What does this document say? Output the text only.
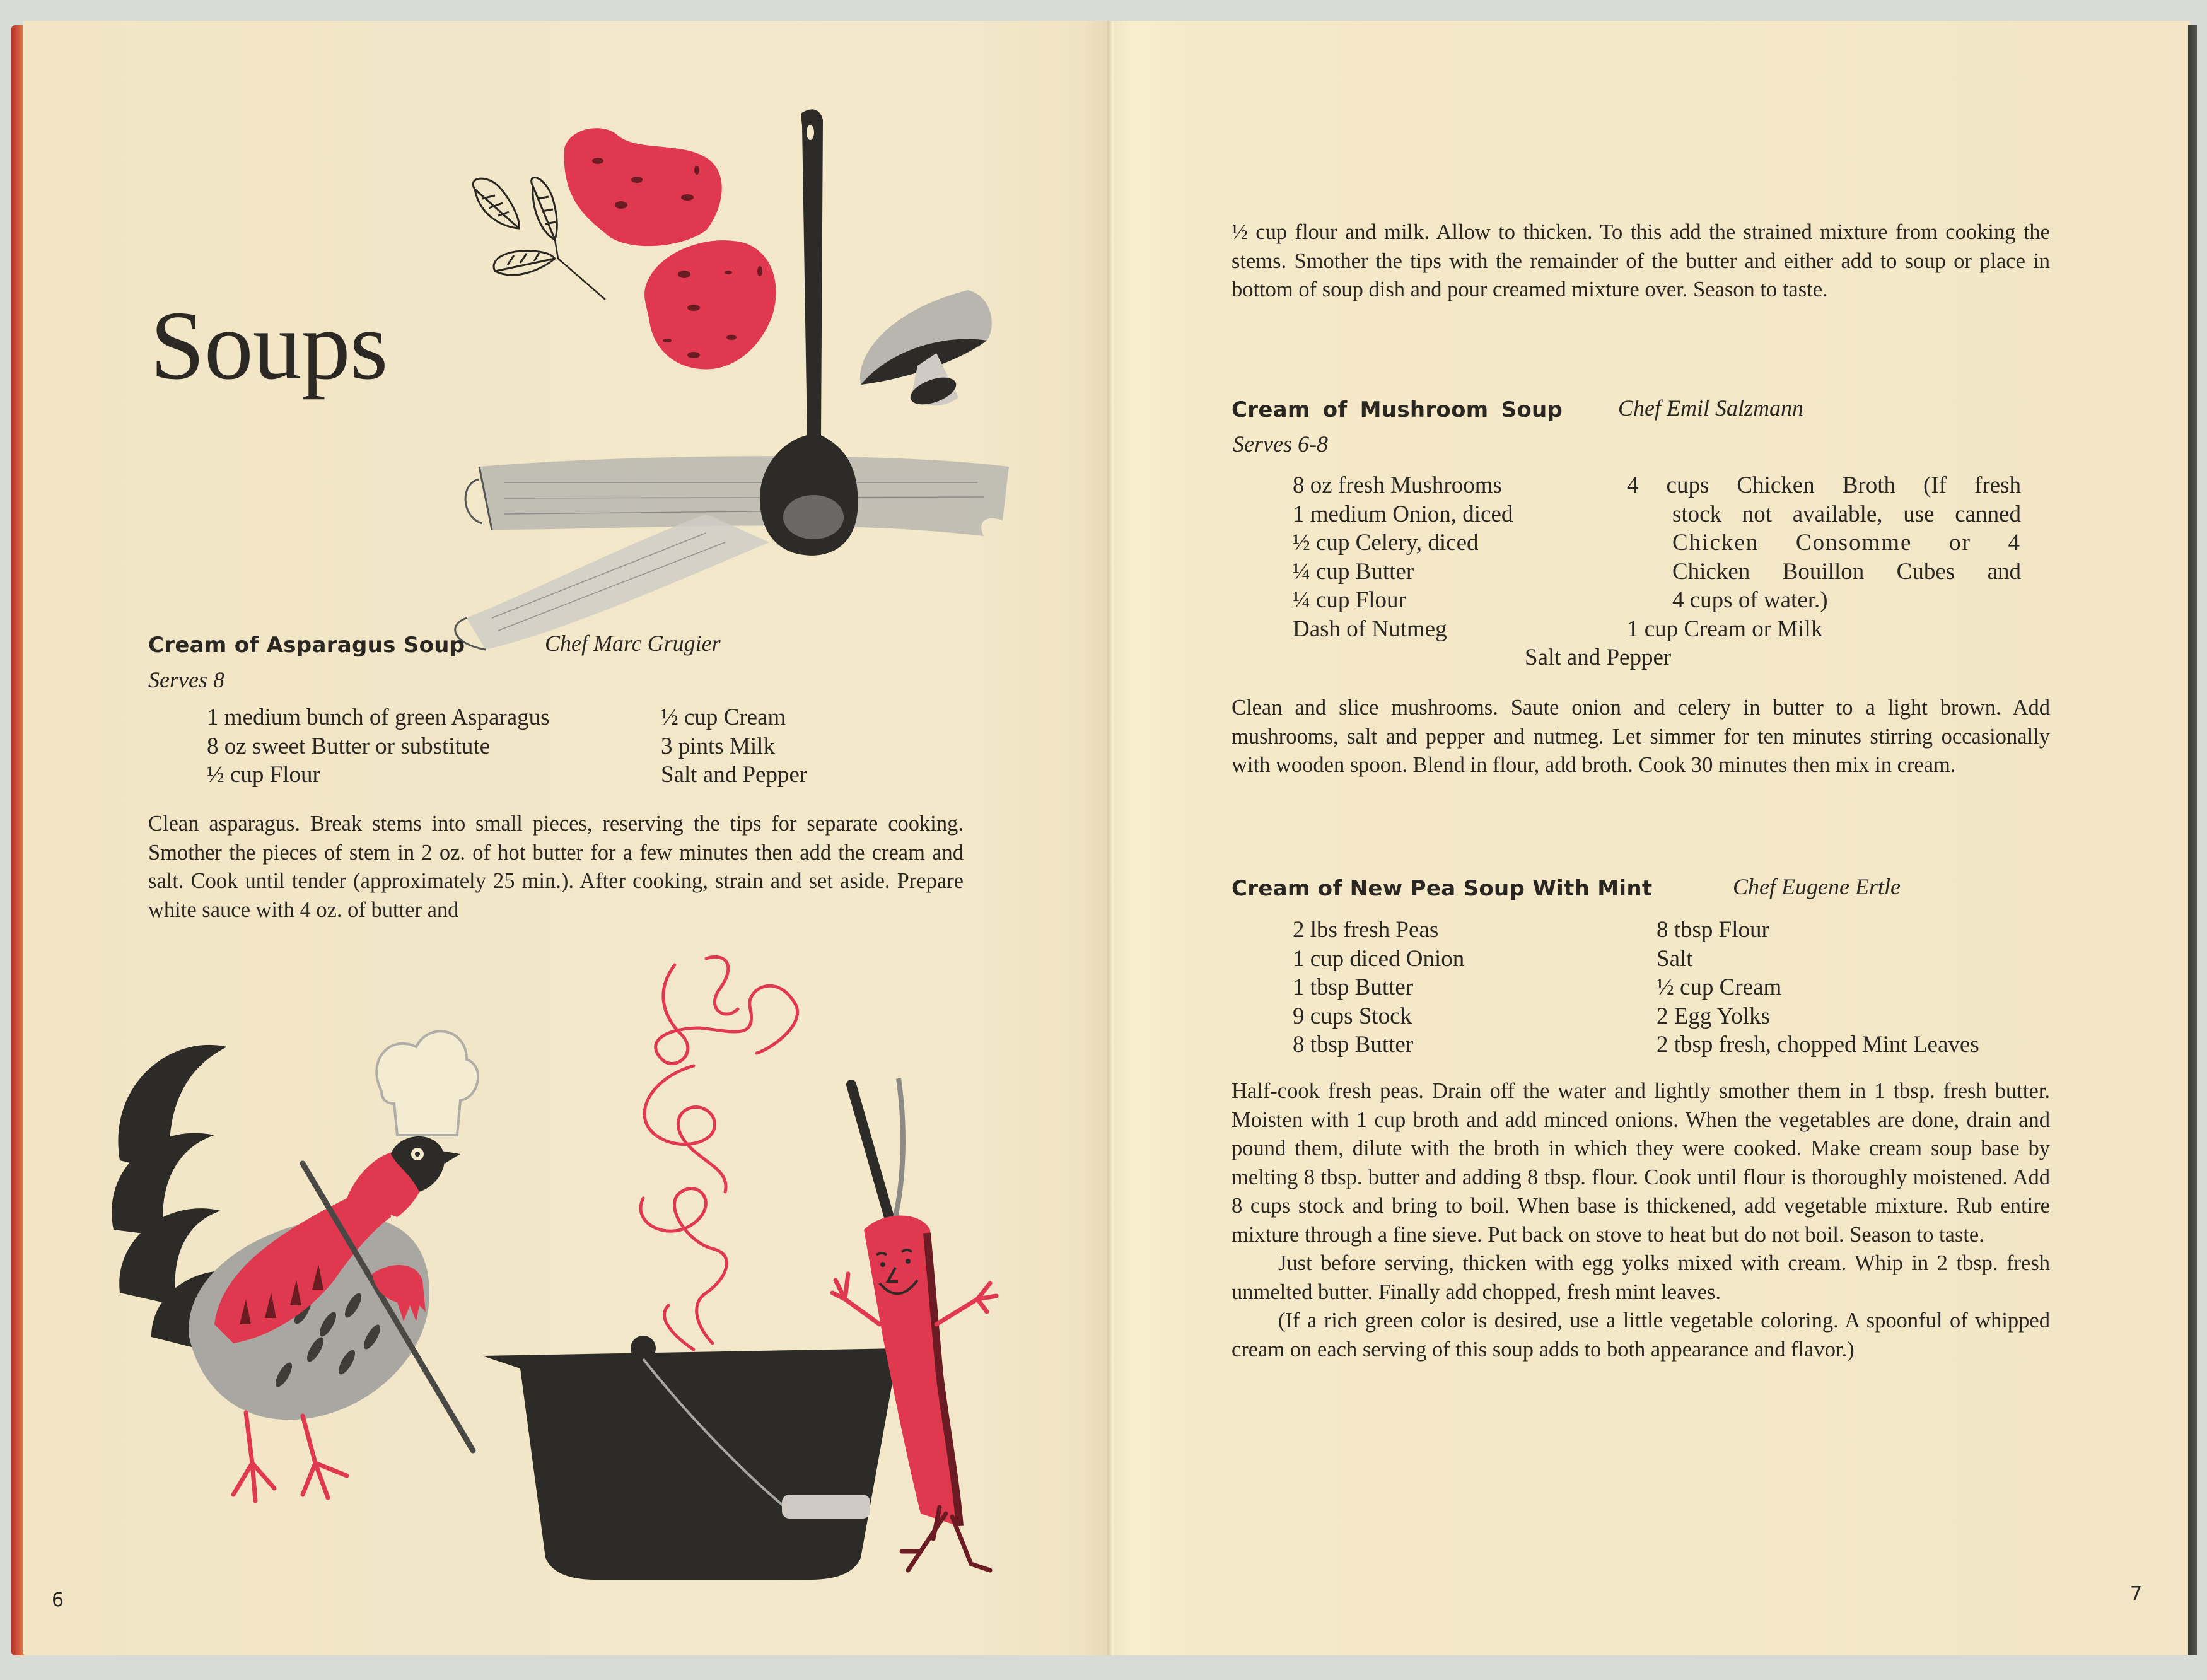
Soups
Cream of Asparagus Soup	Chef Marc Grugier
Serves 8
1 medium bunch of green Asparagus
8 oz sweet Butter or substitute
½ cup Flour
½ cup Cream
3 pints Milk
Salt and Pepper

Clean asparagus. Break stems into small pieces, reserving the tips for separate cooking. Smother the pieces of stem in 2 oz. of hot butter for a few minutes then add the cream and salt. Cook until tender (approximately 25 min.). After cooking, strain and set aside. Prepare white sauce with 4 oz. of butter and

6

½ cup flour and milk. Allow to thicken. To this add the strained mixture from cooking the stems. Smother the tips with the remainder of the butter and either add to soup or place in bottom of soup dish and pour creamed mixture over. Season to taste.

Cream of Mushroom Soup Chef Emil Salzmann
Serves 6-8
8 oz fresh Mushrooms
1 medium Onion, diced
½ cup Celery, diced
¼ cup Butter
¼ cup Flour
Dash of Nutmeg
4 cups Chicken Broth (If fresh
stock not available, use canned
Chicken Consomme or 4
Chicken Bouillon Cubes and
4 cups of water.)
1 cup Cream or Milk
Salt and Pepper

Clean and slice mushrooms. Saute onion and celery in butter to a light brown. Add mushrooms, salt and pepper and nutmeg. Let simmer for ten minutes stirring occasionally with wooden spoon. Blend in flour, add broth. Cook 30 minutes then mix in cream.

Cream of New Pea Soup With Mint	Chef Eugene Ertle
2 lbs fresh Peas
1 cup diced Onion
1 tbsp Butter
9 cups Stock
8 tbsp Butter
8 tbsp Flour
Salt
½ cup Cream
2 Egg Yolks
2 tbsp fresh, chopped Mint Leaves

Half-cook fresh peas. Drain off the water and lightly smother them in 1 tbsp. fresh butter. Moisten with 1 cup broth and add minced onions. When the vegetables are done, drain and pound them, dilute with the broth in which they were cooked. Make cream soup base by melting 8 tbsp. butter and adding 8 tbsp. flour. Cook until flour is thoroughly moistened. Add 8 cups stock and bring to boil. When base is thickened, add vegetable mixture. Rub entire mixture through a fine sieve. Put back on stove to heat but do not boil. Season to taste.

Just before serving, thicken with egg yolks mixed with cream. Whip in 2 tbsp. fresh unmelted butter. Finally add chopped, fresh mint leaves.

(If a rich green color is desired, use a little vegetable coloring. A spoonful of whipped cream on each serving of this soup adds to both appearance and flavor.)

7
